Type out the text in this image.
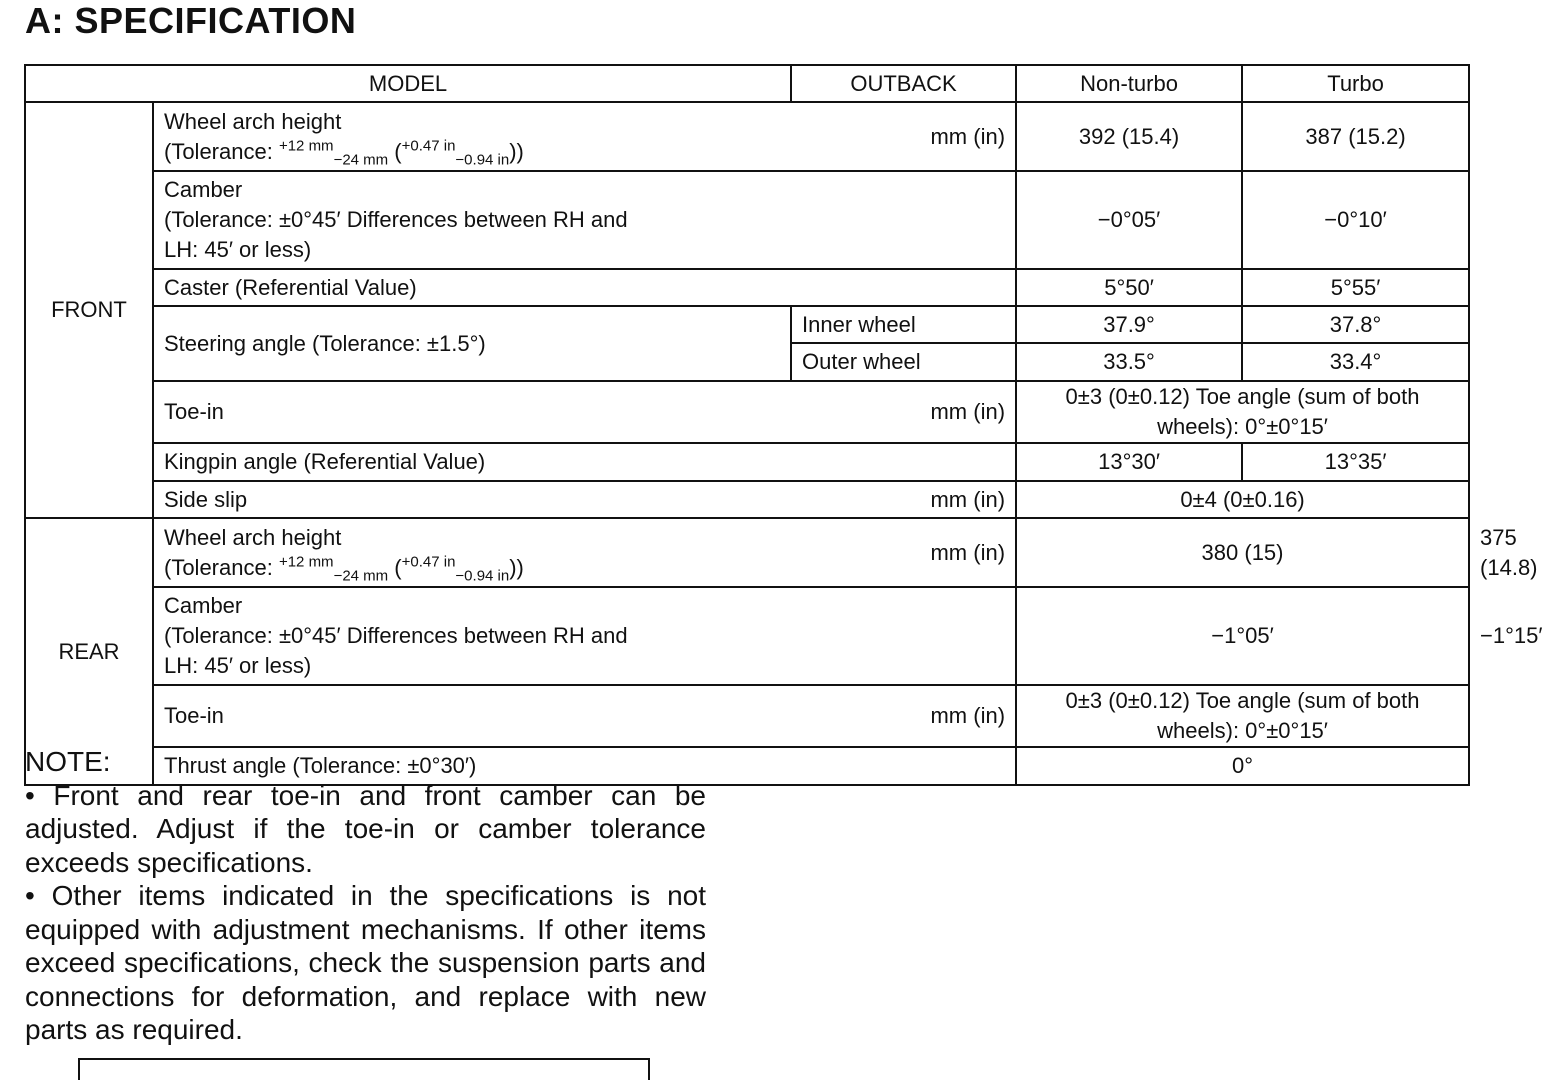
A: SPECIFICATION
MODEL		OUTBACK	Non-turbo	Turbo	
FRONT	Wheel arch height
(Tolerance: $^{+12 mm}_{-24 mm}$ ($^{+0.47 in}_{-0.94 in}$))
mm (in)		392 (15.4)	387 (15.2)	

	Camber
(Tolerance: ±0°45′ Differences between RH and
LH: 45′ or less)		−0°05′	−0°10′	
	Caster (Referential Value)		5°50′	5°55′	
	Steering angle (Tolerance: ±1.5°)	Inner wheel	37.9°	37.8°	
		Outer wheel	33.5°	33.4°	

	Toe-in mm (in)		0±3 (0±0.12) Toe angle (sum of both wheels): 0°±0°15′		
	Kingpin angle (Referential Value)		13°30′	13°35′	

	Side slip mm (in)		0±4 (0±0.16)		
REAR	Wheel arch height
(Tolerance: $^{+12 mm}_{-24 mm}$ ($^{+0.47 in}_{-0.94 in}$))
mm (in)		380 (15)		375 (14.8)

	Camber
(Tolerance: ±0°45′ Differences between RH and
LH: 45′ or less)		−1°05′		−1°15′

	Toe-in mm (in)		0±3 (0±0.12) Toe angle (sum of both wheels): 0°±0°15′		
	Thrust angle (Tolerance: ±0°30′)		0°		
NOTE:

• Front and rear toe-in and front camber can be adjusted. Adjust if the toe-in or camber tolerance exceeds specifications.

• Other items indicated in the specifications is not equipped with adjustment mechanisms. If other items exceed specifications, check the suspension parts and connections for deformation, and replace with new parts as required.
